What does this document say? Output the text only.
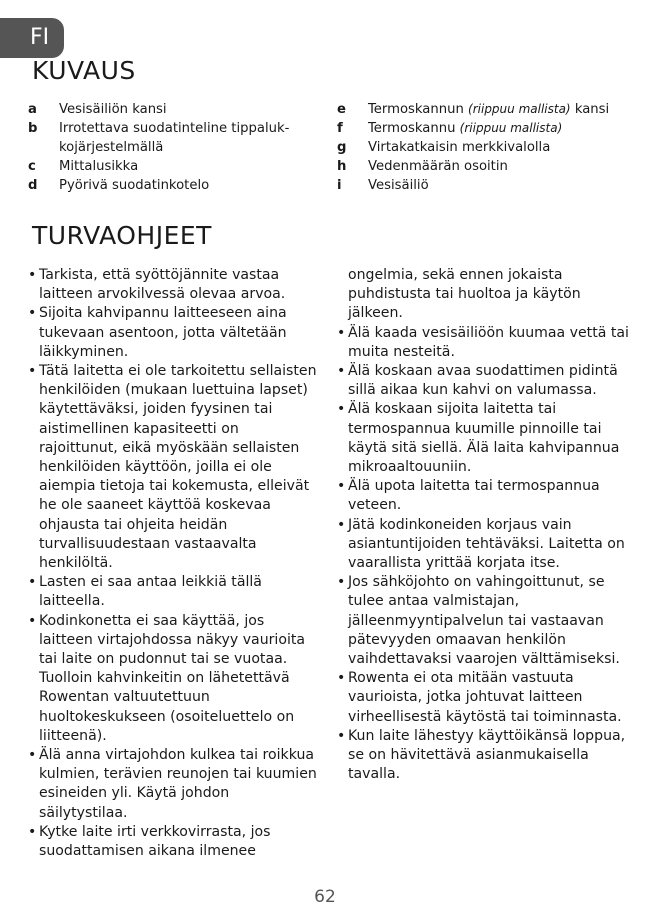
FI
KUVAUS
a	Vesisäiliön kansi
b	Irrotettava suodatinteline tippaluk-kojärjestelmällä
c	Mittalusikka
d	Pyörivä suodatinkotelo
e	Termoskannun (riippuu mallista) kansi
f	Termoskannu (riippuu mallista)
g	Virtakatkaisin merkkivalolla
h	Vedenmäärän osoitin
i	Vesisäiliö
TURVAOHJEET
• Tarkista, että syöttöjännite vastaa laitteen arvokilvessä olevaa arvoa.
• Sijoita kahvipannu laitteeseen aina tukevaan asentoon, jotta vältetään läikkyminen.
• Tätä laitetta ei ole tarkoitettu sellaisten henkilöiden (mukaan luettuina lapset) käytettäväksi, joiden fyysinen tai aistimellinen kapasiteetti on rajoittunut, eikä myöskään sellaisten henkilöiden käyttöön, joilla ei ole aiempia tietoja tai kokemusta, elleivät he ole saaneet käyttöä koskevaa ohjausta tai ohjeita heidän turvallisuudestaan vastaavalta henkilöltä.
• Lasten ei saa antaa leikkiä tällä laitteella.
• Kodinkonetta ei saa käyttää, jos laitteen virtajohdossa näkyy vaurioita tai laite on pudonnut tai se vuotaa. Tuolloin kahvinkeitin on lähetettävä Rowentan valtuutettuun huoltokeskukseen (osoiteluettelo on liitteenä).
• Älä anna virtajohdon kulkea tai roikkua kulmien, terävien reunojen tai kuumien esineiden yli. Käytä johdon säilytystilaa.
• Kytke laite irti verkkovirrasta, jos suodattamisen aikana ilmenee
ongelmia, sekä ennen jokaista puhdistusta tai huoltoa ja käytön jälkeen.
• Älä kaada vesisäiliöön kuumaa vettä tai muita nesteitä.
• Älä koskaan avaa suodattimen pidintä sillä aikaa kun kahvi on valumassa.
• Älä koskaan sijoita laitetta tai termospannua kuumille pinnoille tai käytä sitä siellä. Älä laita kahvipannua mikroaaltouuniin.
• Älä upota laitetta tai termospannua veteen.
• Jätä kodinkoneiden korjaus vain asiantuntijoiden tehtäväksi. Laitetta on vaarallista yrittää korjata itse.
• Jos sähköjohto on vahingoittunut, se tulee antaa valmistajan, jälleenmyyntipalvelun tai vastaavan pätevyyden omaavan henkilön vaihdettavaksi vaarojen välttämiseksi.
• Rowenta ei ota mitään vastuuta vaurioista, jotka johtuvat laitteen virheellisestä käytöstä tai toiminnasta.
• Kun laite lähestyy käyttöikänsä loppua, se on hävitettävä asianmukaisella tavalla.
62
